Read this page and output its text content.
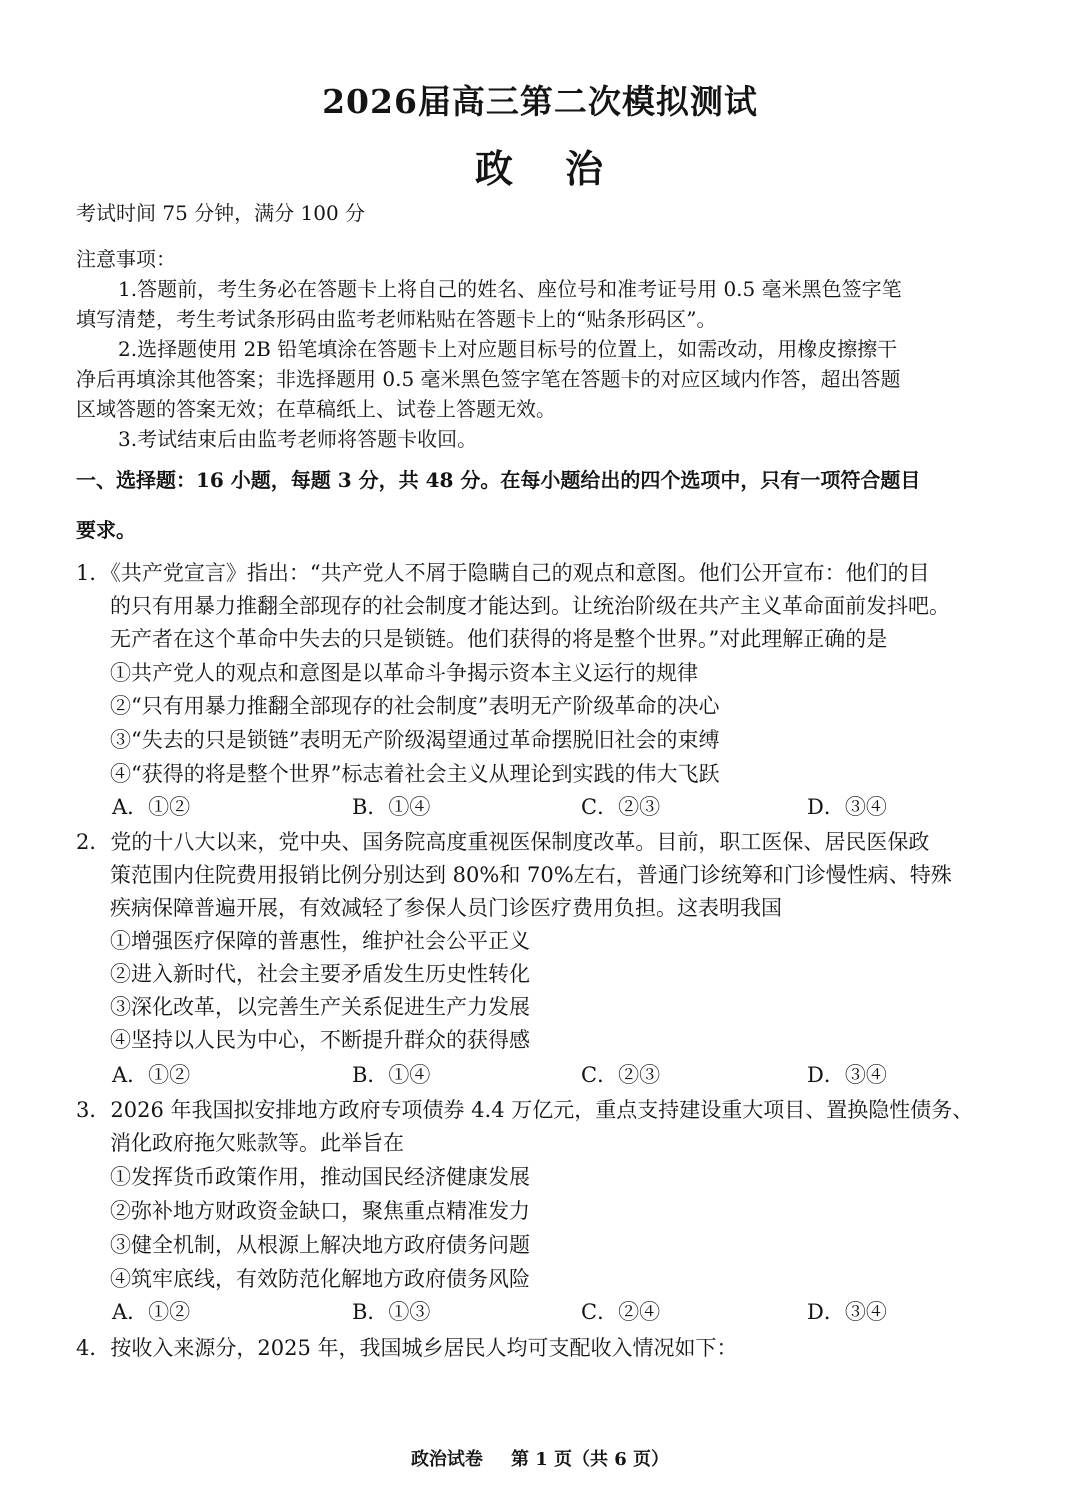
2026届高三第二次模拟测试
政 治
考试时间 75 分钟，满分 100 分
注意事项：
1.答题前，考生务必在答题卡上将自己的姓名、座位号和准考证号用 0.5 毫米黑色签字笔
填写清楚，考生考试条形码由监考老师粘贴在答题卡上的“贴条形码区”。
2.选择题使用 2B 铅笔填涂在答题卡上对应题目标号的位置上，如需改动，用橡皮擦擦干
净后再填涂其他答案；非选择题用 0.5 毫米黑色签字笔在答题卡的对应区域内作答，超出答题
区域答题的答案无效；在草稿纸上、试卷上答题无效。
3.考试结束后由监考老师将答题卡收回。
一、选择题：16 小题，每题 3 分，共 48 分。在每小题给出的四个选项中，只有一项符合题目
要求。
1．《共产党宣言》指出：“共产党人不屑于隐瞒自己的观点和意图。他们公开宣布：他们的目
的只有用暴力推翻全部现存的社会制度才能达到。让统治阶级在共产主义革命面前发抖吧。
无产者在这个革命中失去的只是锁链。他们获得的将是整个世界。”对此理解正确的是
①共产党人的观点和意图是以革命斗争揭示资本主义运行的规律
②“只有用暴力推翻全部现存的社会制度”表明无产阶级革命的决心
③“失去的只是锁链”表明无产阶级渴望通过革命摆脱旧社会的束缚
④“获得的将是整个世界”标志着社会主义从理论到实践的伟大飞跃
A．①②	B．①④	C．②③	D．③④
2．党的十八大以来，党中央、国务院高度重视医保制度改革。目前，职工医保、居民医保政
策范围内住院费用报销比例分别达到 80%和 70%左右，普通门诊统筹和门诊慢性病、特殊
疾病保障普遍开展，有效减轻了参保人员门诊医疗费用负担。这表明我国
①增强医疗保障的普惠性，维护社会公平正义
②进入新时代，社会主要矛盾发生历史性转化
③深化改革，以完善生产关系促进生产力发展
④坚持以人民为中心，不断提升群众的获得感
A．①②	B．①④	C．②③	D．③④
3．2026 年我国拟安排地方政府专项债券 4.4 万亿元，重点支持建设重大项目、置换隐性债务、
消化政府拖欠账款等。此举旨在
①发挥货币政策作用，推动国民经济健康发展
②弥补地方财政资金缺口，聚焦重点精准发力
③健全机制，从根源上解决地方政府债务问题
④筑牢底线，有效防范化解地方政府债务风险
A．①②	B．①③	C．②④	D．③④
4．按收入来源分，2025 年，我国城乡居民人均可支配收入情况如下：
政治试卷 第 1 页（共 6 页）
